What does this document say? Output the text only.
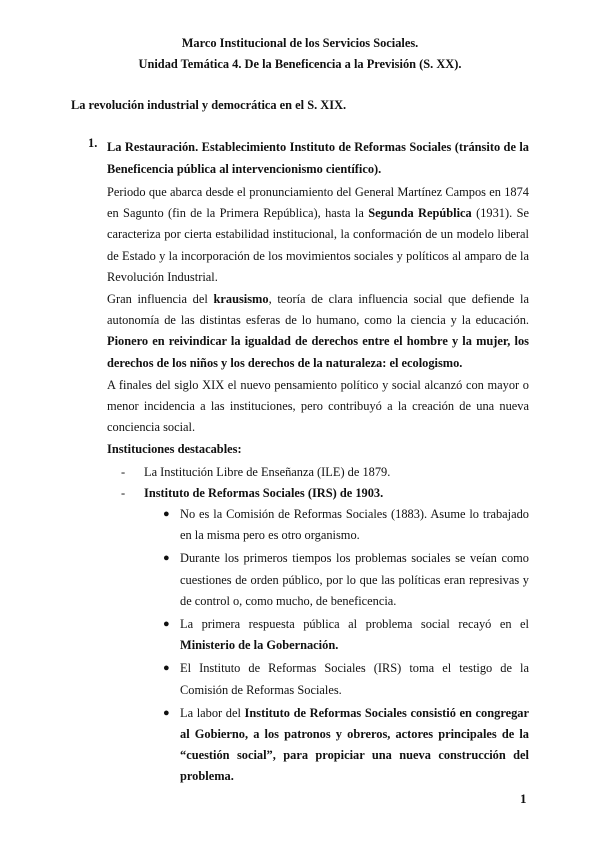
Marco Institucional de los Servicios Sociales.
Unidad Temática 4. De la Beneficencia a la Previsión (S. XX).
La revolución industrial y democrática en el S. XIX.
1. La Restauración. Establecimiento Instituto de Reformas Sociales (tránsito de la Beneficencia pública al intervencionismo científico).

Periodo que abarca desde el pronunciamiento del General Martínez Campos en 1874 en Sagunto (fin de la Primera República), hasta la Segunda República (1931). Se caracteriza por cierta estabilidad institucional, la conformación de un modelo liberal de Estado y la incorporación de los movimientos sociales y políticos al amparo de la Revolución Industrial.

Gran influencia del krausismo, teoría de clara influencia social que defiende la autonomía de las distintas esferas de lo humano, como la ciencia y la educación. Pionero en reivindicar la igualdad de derechos entre el hombre y la mujer, los derechos de los niños y los derechos de la naturaleza: el ecologismo.

A finales del siglo XIX el nuevo pensamiento político y social alcanzó con mayor o menor incidencia a las instituciones, pero contribuyó a la creación de una nueva conciencia social.

Instituciones destacables:

- La Institución Libre de Enseñanza (ILE) de 1879.
- Instituto de Reformas Sociales (IRS) de 1903.
● No es la Comisión de Reformas Sociales (1883). Asume lo trabajado en la misma pero es otro organismo.
● Durante los primeros tiempos los problemas sociales se veían como cuestiones de orden público, por lo que las políticas eran represivas y de control o, como mucho, de beneficencia.
● La primera respuesta pública al problema social recayó en el Ministerio de la Gobernación.
● El Instituto de Reformas Sociales (IRS) toma el testigo de la Comisión de Reformas Sociales.
● La labor del Instituto de Reformas Sociales consistió en congregar al Gobierno, a los patronos y obreros, actores principales de la “cuestión social”, para propiciar una nueva construcción del problema.
1
